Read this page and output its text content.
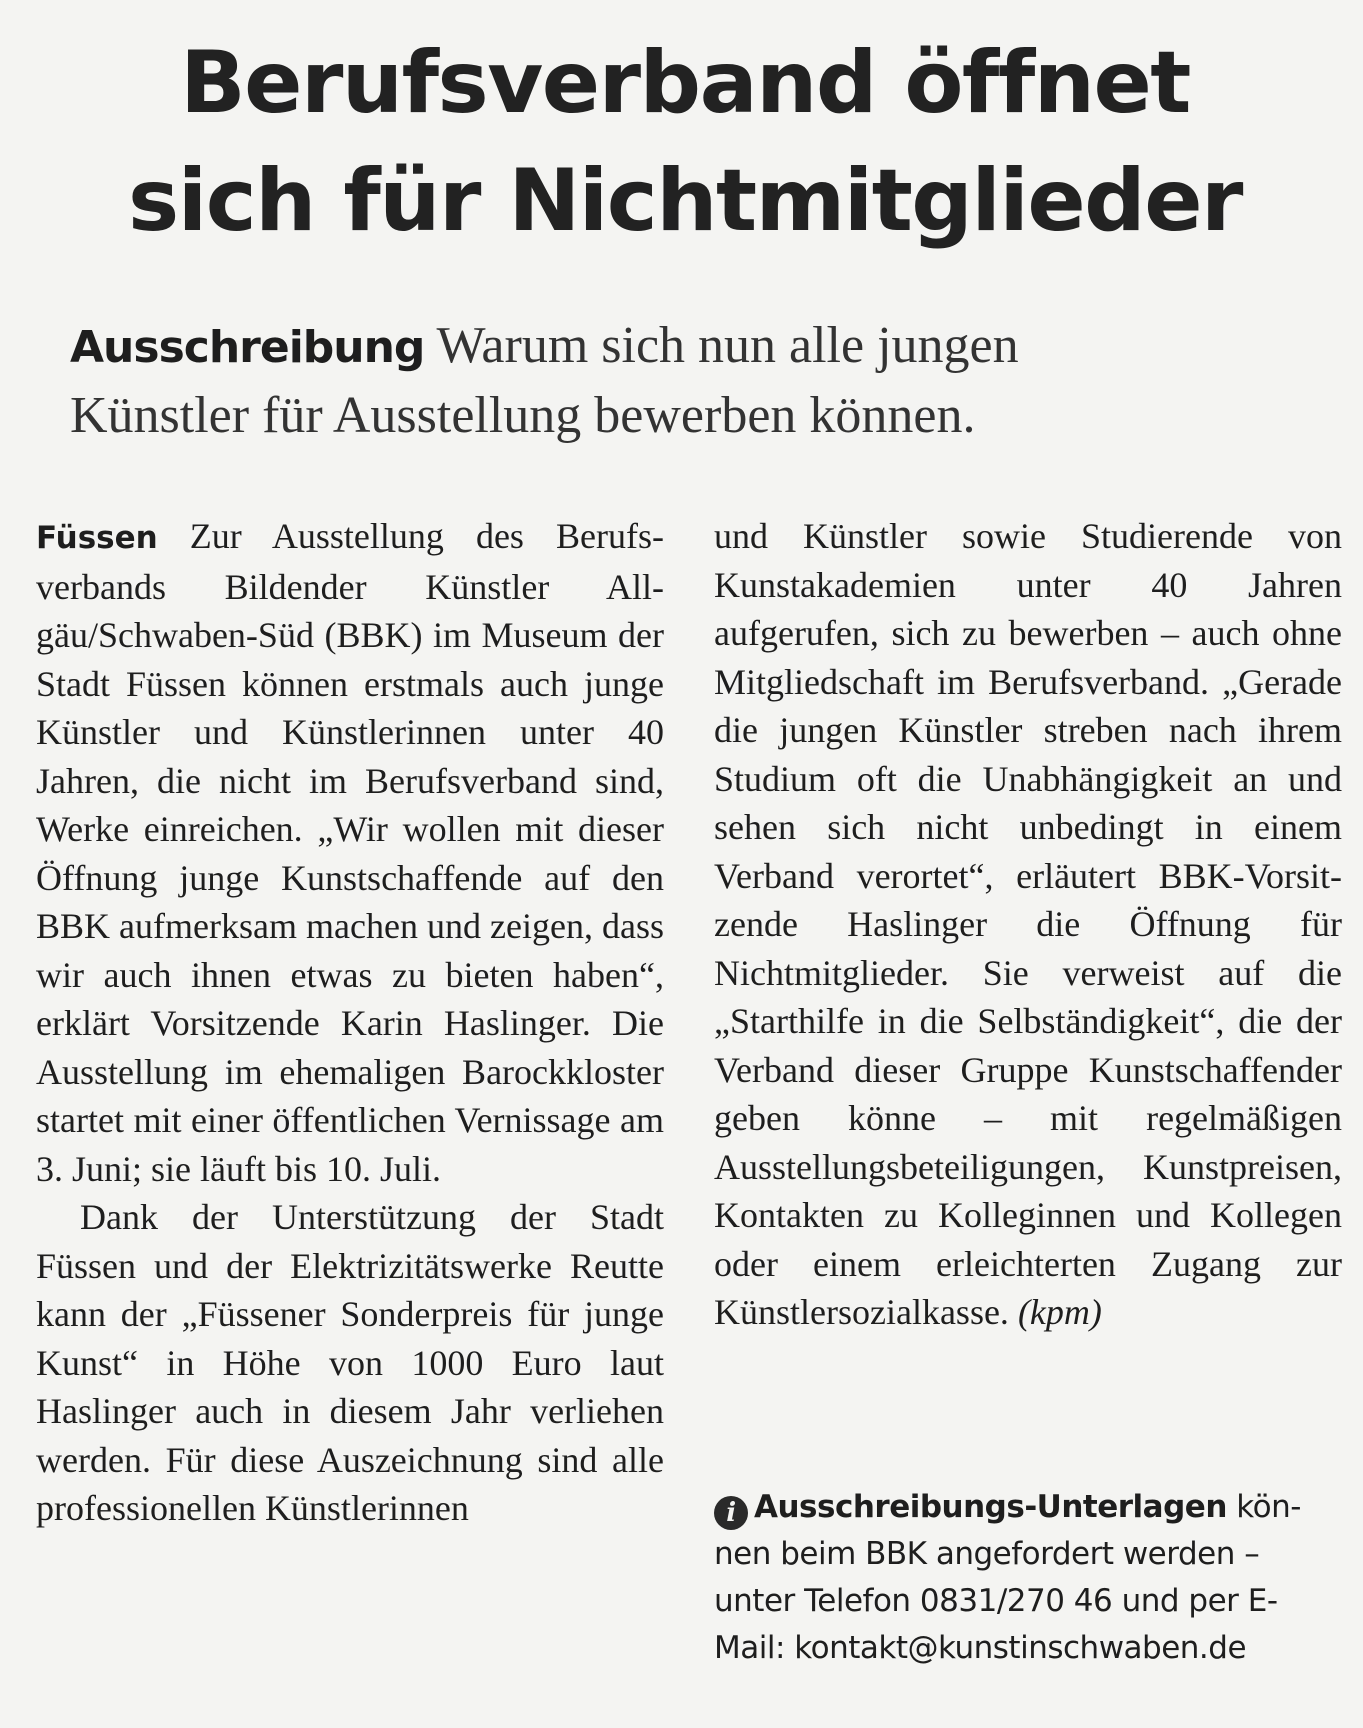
Berufsverband öffnet
sich für Nichtmitglieder
Ausschreibung Warum sich nun alle jungen
Künstler für Ausstellung bewerben können.

Füssen Zur Ausstellung des Berufsverbands Bildender Künstler Allgäu/Schwaben-Süd (BBK) im Museum der Stadt Füssen können erstmals auch junge Künstler und Künstlerinnen unter 40 Jahren, die nicht im Berufsverband sind, Werke einreichen. „Wir wollen mit dieser Öffnung junge Kunstschaffende auf den BBK aufmerksam machen und zeigen, dass wir auch ihnen etwas zu bieten haben“, erklärt Vorsitzende Karin Haslinger. Die Ausstellung im ehemaligen Barockkloster startet mit einer öffentlichen Vernissage am 3. Juni; sie läuft bis 10. Juli.

Dank der Unterstützung der Stadt Füssen und der Elektrizitätswerke Reutte kann der „Füssener Sonderpreis für junge Kunst“ in Höhe von 1000 Euro laut Haslinger auch in diesem Jahr verliehen werden. Für diese Auszeichnung sind alle professionellen Künstlerinnen

und Künstler sowie Studierende von Kunstakademien unter 40 Jahren aufgerufen, sich zu bewerben – auch ohne Mitgliedschaft im Berufsverband. „Gerade die jungen Künstler streben nach ihrem Studium oft die Unabhängigkeit an und sehen sich nicht unbedingt in einem Verband verortet“, erläutert BBK-Vorsitzende Haslinger die Öffnung für Nichtmitglieder. Sie verweist auf die „Starthilfe in die Selbständigkeit“, die der Verband dieser Gruppe Kunstschaffender geben könne – mit regelmäßigen Ausstellungsbeteiligungen, Kunstpreisen, Kontakten zu Kolleginnen und Kollegen oder einem erleichterten Zugang zur Künstlersozialkasse. (kpm)

i Ausschreibungs-Unterlagen können beim BBK angefordert werden – unter Telefon 0831/270 46 und per E-Mail: kontakt@kunstinschwaben.de
